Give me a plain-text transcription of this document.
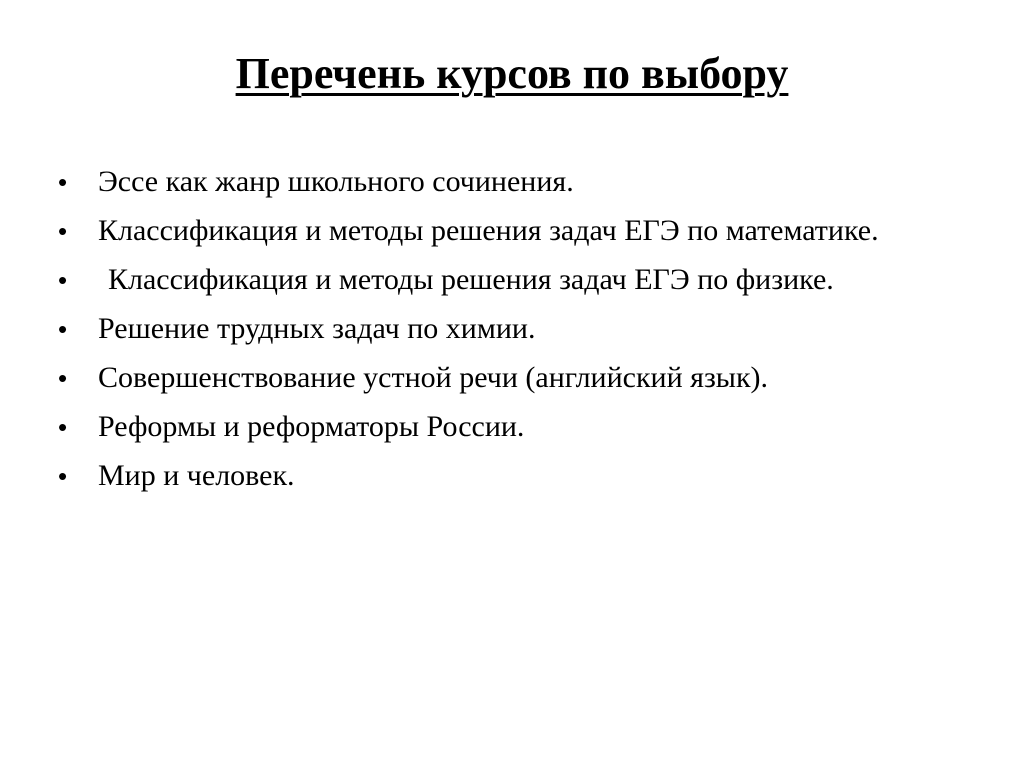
Перечень курсов по выбору
•	Эссе как жанр школьного сочинения.
•	Классификация и методы решения задач ЕГЭ по математике.
•	Классификация и методы решения задач ЕГЭ по физике.
•	Решение трудных задач по химии.
•	Совершенствование устной речи (английский язык).
•	Реформы и реформаторы России.
•	Мир и человек.
